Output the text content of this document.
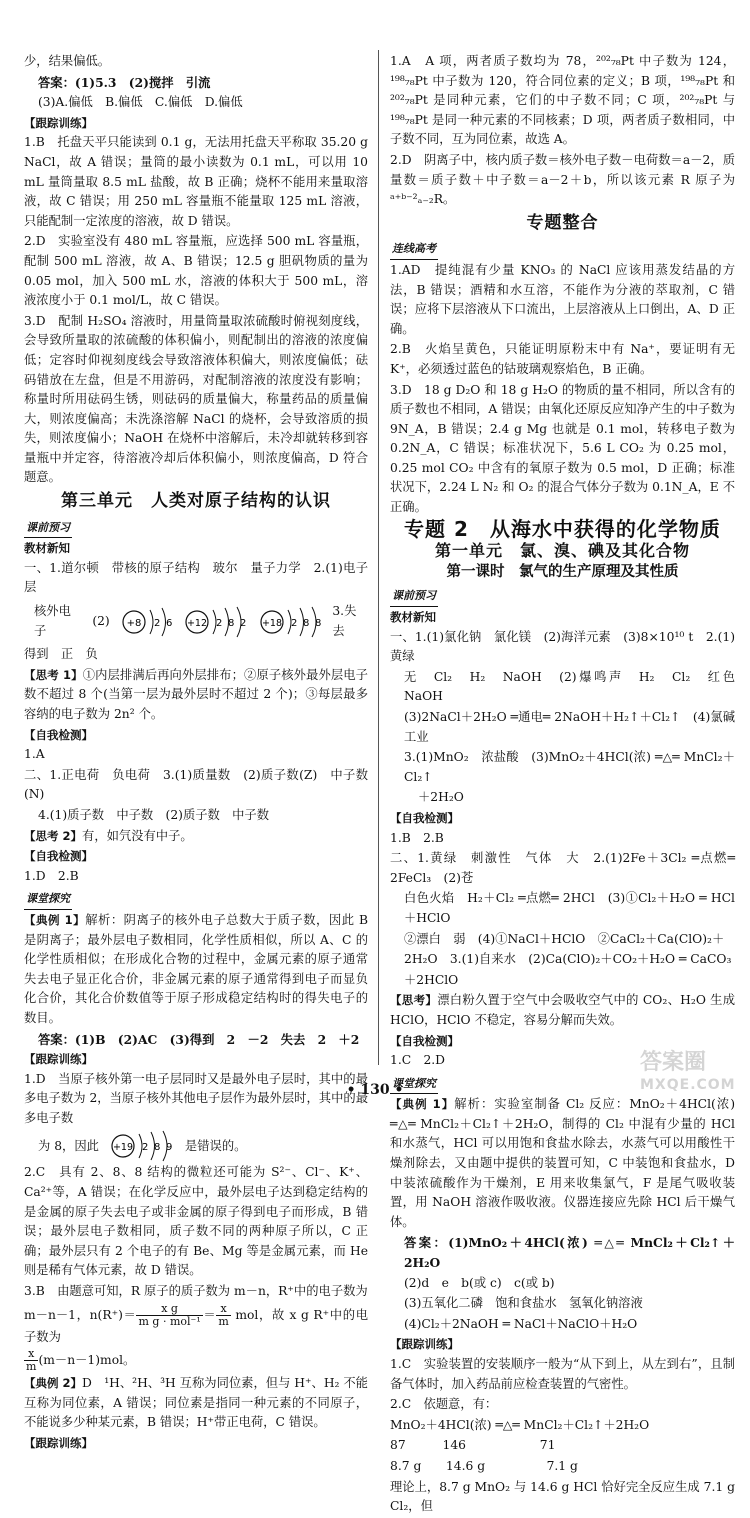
少，结果偏低。

答案：(1)5.3　(2)搅拌　引流

(3)A.偏低　B.偏低　C.偏低　D.偏低

【跟踪训练】

1.B　托盘天平只能读到 0.1 g，无法用托盘天平称取 35.20 g NaCl，故 A 错误；量筒的最小读数为 0.1 mL，可以用 10 mL 量筒量取 8.5 mL 盐酸，故 B 正确；烧杯不能用来量取溶液，故 C 错误；用 250 mL 容量瓶不能量取 125 mL 溶液，只能配制一定浓度的溶液，故 D 错误。

2.D　实验室没有 480 mL 容量瓶，应选择 500 mL 容量瓶，配制 500 mL 溶液，故 A、B 错误；12.5 g 胆矾物质的量为 0.05 mol，加入 500 mL 水，溶液的体积大于 500 mL，溶液浓度小于 0.1 mol/L，故 C 错误。

3.D　配制 H₂SO₄ 溶液时，用量筒量取浓硫酸时俯视刻度线，会导致所量取的浓硫酸的体积偏小，则配制出的溶液的浓度偏低；定容时仰视刻度线会导致溶液体积偏大，则浓度偏低；砝码错放在左盘，但是不用游码，对配制溶液的浓度没有影响；称量时所用砝码生锈，则砝码的质量偏大，称量药品的质量偏大，则浓度偏高；未洗涤溶解 NaCl 的烧杯，会导致溶质的损失，则浓度偏小；NaOH 在烧杯中溶解后，未冷却就转移到容量瓶中并定容，待溶液冷却后体积偏小，则浓度偏高，D 符合题意。

第三单元　人类对原子结构的认识
课前预习
教材新知

一、1.道尔顿　带核的原子结构　玻尔　量子力学　2.(1)电子层

核外电子
(2) +8 2 6 +12 2 8 2 +18 2 8 8
3.失去

得到　正　负

【思考 1】①内层排满后再向外层排布；②原子核外最外层电子数不超过 8 个(当第一层为最外层时不超过 2 个)；③每层最多容纳的电子数为 2n² 个。

【自我检测】

1.A

二、1.正电荷　负电荷　3.(1)质量数　(2)质子数(Z)　中子数(N)

4.(1)质子数　中子数　(2)质子数　中子数

【思考 2】有，如氕没有中子。

【自我检测】

1.D　2.B

课堂探究

【典例 1】解析：阴离子的核外电子总数大于质子数，因此 B 是阴离子；最外层电子数相同，化学性质相似，所以 A、C 的化学性质相似；在形成化合物的过程中，金属元素的原子通常失去电子显正化合价，非金属元素的原子通常得到电子而显负化合价，其化合价数值等于原子形成稳定结构时的得失电子的数目。

答案：(1)B　(2)AC　(3)得到　2　－2　失去　2　＋2

【跟踪训练】

1.D　当原子核外第一电子层同时又是最外电子层时，其中的最多电子数为 2，当原子核外其他电子层作为最外层时，其中的最多电子数

为 8，因此 +19 2 8 9 是错误的。

2.C　具有 2、8、8 结构的微粒还可能为 S²⁻、Cl⁻、K⁺、Ca²⁺等，A 错误；在化学反应中，最外层电子达到稳定结构的是金属的原子失去电子或非金属的原子得到电子而形成，B 错误；最外层电子数相同，质子数不同的两种原子所以，C 正确；最外层只有 2 个电子的有 Be、Mg 等是金属元素，而 He 则是稀有气体元素，故 D 错误。

3.B　由题意可知，R 原子的质子数为 m－n，R⁺中的电子数为

m－n－1，$n(R^+)= \frac{\text{x g}}{\text{m g · mol⁻¹}} = \frac{x}{m}$ mol，故 x g R⁺中的电子数为

$\frac{x}{m} (m-n-1)mol$。

【典例 2】D　¹H、²H、³H 互称为同位素，但与 H⁺、H₂ 不能互称为同位素，A 错误；同位素是指同一种元素的不同原子，不能说多少种某元素，B 错误；H⁺带正电荷，C 错误。

【跟踪训练】

1.A　A 项，两者质子数均为 78，²⁰²₇₈Pt 中子数为 124，¹⁹⁸₇₈Pt 中子数为 120，符合同位素的定义；B 项，¹⁹⁸₇₈Pt 和 ²⁰²₇₈Pt 是同种元素，它们的中子数不同；C 项，²⁰²₇₈Pt 与 ¹⁹⁸₇₈Pt 是同一种元素的不同核素；D 项，两者质子数相同，中子数不同，互为同位素，故选 A。

2.D　阴离子中，核内质子数＝核外电子数－电荷数＝a－2，质量数＝质子数＋中子数＝a－2＋b，所以该元素 R 原子为 ᵃ⁺ᵇ⁻²ₐ₋₂R。

专题整合
连线高考

1.AD　提纯混有少量 KNO₃ 的 NaCl 应该用蒸发结晶的方法，B 错误；酒精和水互溶，不能作为分液的萃取剂，C 错误；应将下层溶液从下口流出，上层溶液从上口倒出，A、D 正确。

2.B　火焰呈黄色，只能证明原粉末中有 Na⁺，要证明有无 K⁺，必须透过蓝色的钴玻璃观察焰色，B 正确。

3.D　18 g D₂O 和 18 g H₂O 的物质的量不相同，所以含有的质子数也不相同，A 错误；由氧化还原反应知净产生的中子数为 9N_A，B 错误；2.4 g Mg 也就是 0.1 mol，转移电子数为 0.2N_A，C 错误；标准状况下，5.6 L CO₂ 为 0.25 mol，0.25 mol CO₂ 中含有的氧原子数为 0.5 mol，D 正确；标准状况下，2.24 L N₂ 和 O₂ 的混合气体分子数为 0.1N_A，E 不正确。

专题 2　从海水中获得的化学物质
第一单元　氯、溴、碘及其化合物
第一课时　氯气的生产原理及其性质
课前预习
教材新知

一、1.(1)氯化钠　氯化镁　(2)海洋元素　(3)8×10¹⁰ t　2.(1)黄绿

无　Cl₂　H₂　NaOH　(2)爆鸣声　H₂　Cl₂　红色　NaOH

(3)2NaCl＋2H₂O ═通电═ 2NaOH＋H₂↑＋Cl₂↑　(4)氯碱工业

3.(1)MnO₂　浓盐酸　(3)MnO₂＋4HCl(浓) ═△═ MnCl₂＋Cl₂↑

＋2H₂O

【自我检测】

1.B　2.B

二、1.黄绿　刺激性　气体　大　2.(1)2Fe＋3Cl₂ ═点燃═ 2FeCl₃　(2)苍

白色火焰　H₂＋Cl₂ ═点燃═ 2HCl　(3)①Cl₂＋H₂O ═ HCl＋HClO

②漂白　弱　(4)①NaCl＋HClO　②CaCl₂＋Ca(ClO)₂＋

2H₂O　3.(1)自来水　(2)Ca(ClO)₂＋CO₂＋H₂O ═ CaCO₃

＋2HClO

【思考】漂白粉久置于空气中会吸收空气中的 CO₂、H₂O 生成 HClO，HClO 不稳定，容易分解而失效。

【自我检测】

1.C　2.D

课堂探究

【典例 1】解析：实验室制备 Cl₂ 反应：MnO₂＋4HCl(浓) ═△═ MnCl₂＋Cl₂↑＋2H₂O，制得的 Cl₂ 中混有少量的 HCl 和水蒸气，HCl 可以用饱和食盐水除去，水蒸气可以用酸性干燥剂除去，又由题中提供的装置可知，C 中装饱和食盐水，D 中装浓硫酸作为干燥剂，E 用来收集氯气，F 是尾气吸收装置，用 NaOH 溶液作吸收液。仪器连接应先除 HCl 后干燥气体。

答案：(1)MnO₂＋4HCl(浓) ═△═ MnCl₂＋Cl₂↑＋2H₂O

(2)d　e　b(或 c)　c(或 b)

(3)五氧化二磷　饱和食盐水　氢氧化钠溶液

(4)Cl₂＋2NaOH ═ NaCl＋NaClO＋H₂O

【跟踪训练】

1.C　实验装置的安装顺序一般为“从下到上，从左到右”，且制备气体时，加入药品前应检查装置的气密性。

2.C　依题意，有：

MnO₂＋4HCl(浓) ═△═ MnCl₂＋Cl₂↑＋2H₂O

87　　　146　　　　　　71

8.7 g　　14.6 g　　　　　7.1 g

理论上，8.7 g MnO₂ 与 14.6 g HCl 恰好完全反应生成 7.1 g Cl₂，但

答案圈
MXQE.COM
• 130 •
